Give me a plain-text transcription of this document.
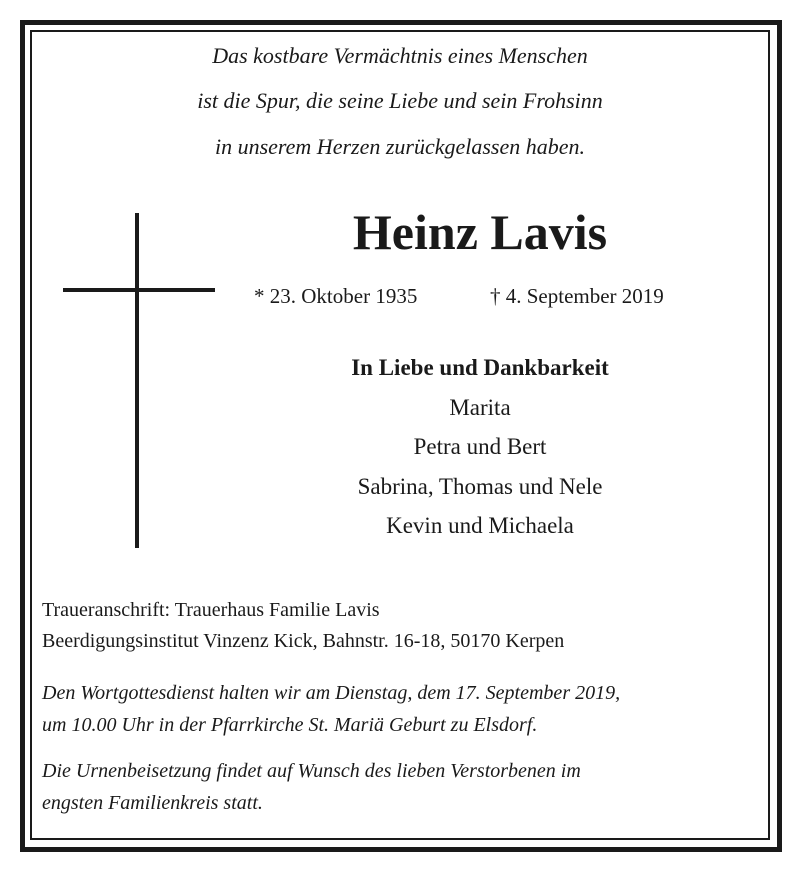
Das kostbare Vermächtnis eines Menschen
ist die Spur, die seine Liebe und sein Frohsinn
in unserem Herzen zurückgelassen haben.
Heinz Lavis
* 23. Oktober 1935	† 4. September 2019
In Liebe und Dankbarkeit
Marita
Petra und Bert
Sabrina, Thomas und Nele
Kevin und Michaela
Traueranschrift: Trauerhaus Familie Lavis
Beerdigungsinstitut Vinzenz Kick, Bahnstr. 16-18, 50170 Kerpen
Den Wortgottesdienst halten wir am Dienstag, dem 17. September 2019,
um 10.00 Uhr in der Pfarrkirche St. Mariä Geburt zu Elsdorf.
Die Urnenbeisetzung findet auf Wunsch des lieben Verstorbenen im
engsten Familienkreis statt.
